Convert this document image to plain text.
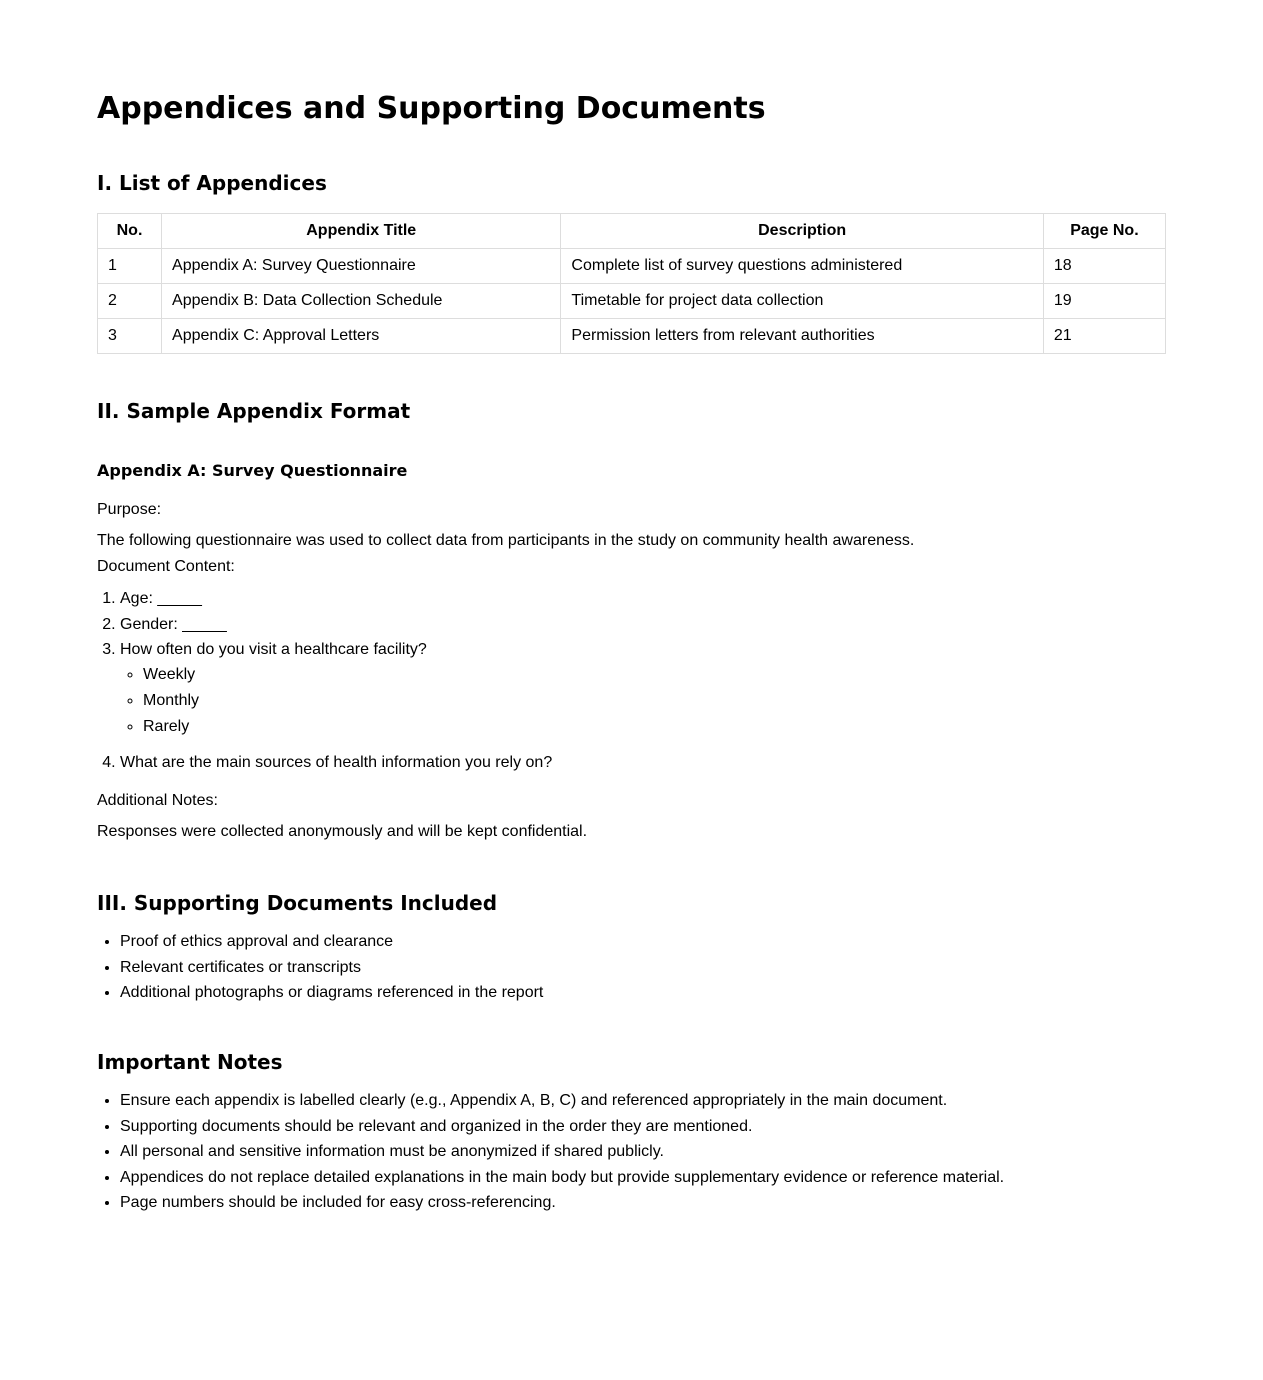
Appendices and Supporting Documents
I. List of Appendices
No.	Appendix Title	Description	Page No.
1	Appendix A: Survey Questionnaire	Complete list of survey questions administered	18
2	Appendix B: Data Collection Schedule	Timetable for project data collection	19
3	Appendix C: Approval Letters	Permission letters from relevant authorities	21
II. Sample Appendix Format
Appendix A: Survey Questionnaire

Purpose:

The following questionnaire was used to collect data from participants in the study on community health awareness.

Document Content:

1. Age: _____
2. Gender: _____
3. How often do you visit a healthcare facility?
◦ Weekly
◦ Monthly
◦ Rarely
4. What are the main sources of health information you rely on?

Additional Notes:

Responses were collected anonymously and will be kept confidential.

III. Supporting Documents Included
• Proof of ethics approval and clearance
• Relevant certificates or transcripts
• Additional photographs or diagrams referenced in the report
Important Notes
• Ensure each appendix is labelled clearly (e.g., Appendix A, B, C) and referenced appropriately in the main document.
• Supporting documents should be relevant and organized in the order they are mentioned.
• All personal and sensitive information must be anonymized if shared publicly.
• Appendices do not replace detailed explanations in the main body but provide supplementary evidence or reference material.
• Page numbers should be included for easy cross-referencing.
